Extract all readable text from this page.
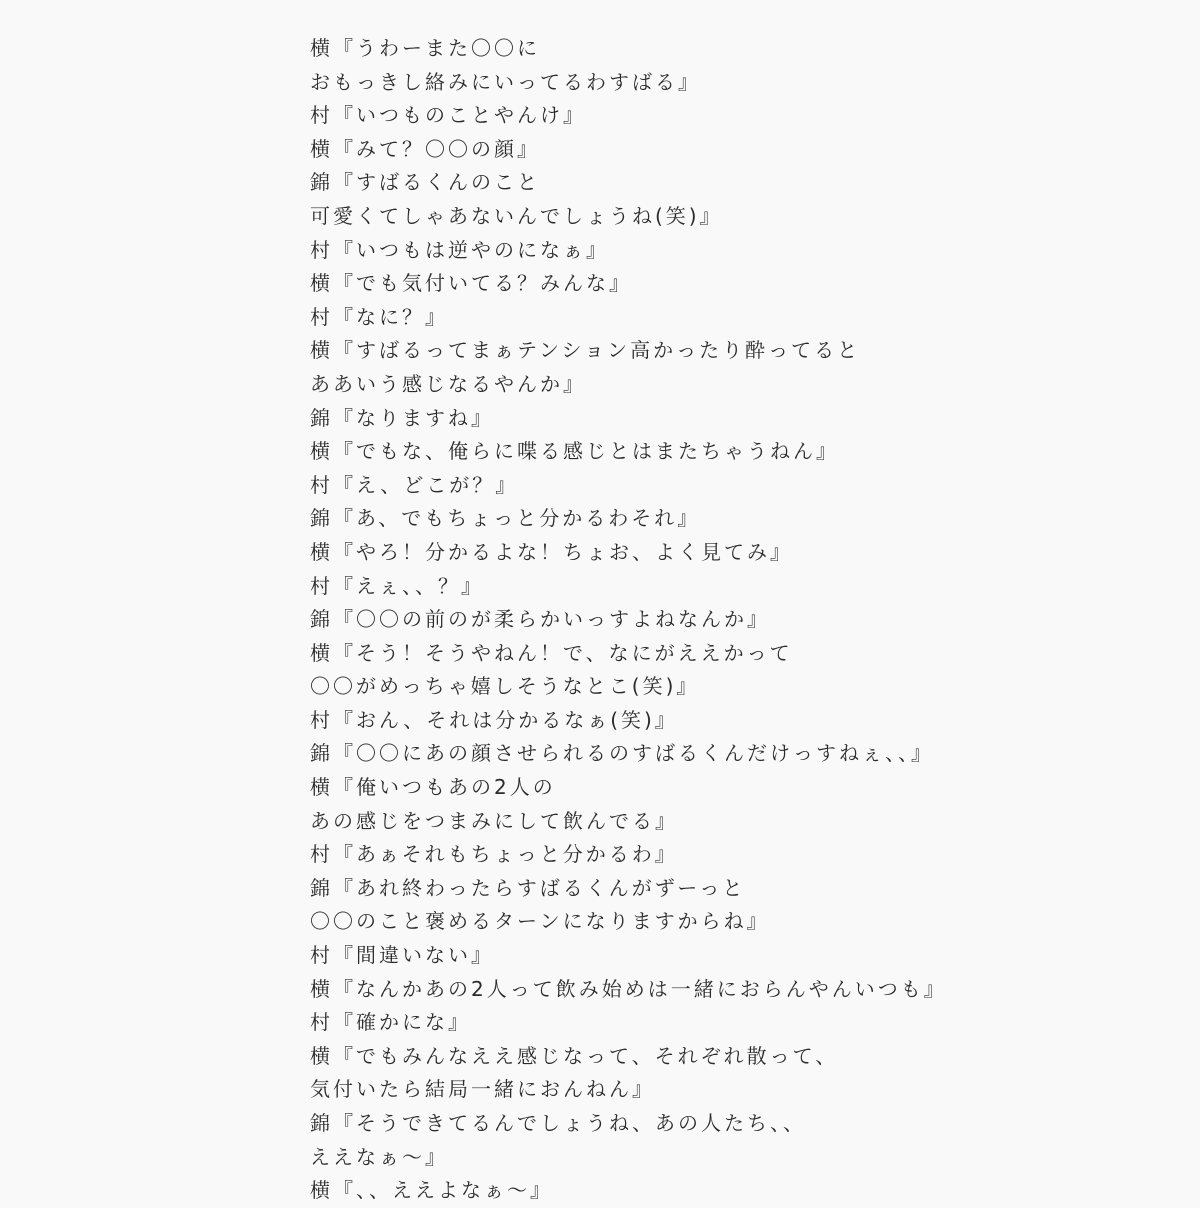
横『うわーまた〇〇に
おもっきし絡みにいってるわすばる』
村『いつものことやんけ』
横『みて？〇〇の顔』
錦『すばるくんのこと
可愛くてしゃあないんでしょうね(笑)』
村『いつもは逆やのになぁ』
横『でも気付いてる？みんな』
村『なに？』
横『すばるってまぁテンション高かったり酔ってると
ああいう感じなるやんか』
錦『なりますね』
横『でもな、俺らに喋る感じとはまたちゃうねん』
村『え、どこが？』
錦『あ、でもちょっと分かるわそれ』
横『やろ！分かるよな！ちょお、よく見てみ』
村『えぇ、、？』
錦『〇〇の前のが柔らかいっすよねなんか』
横『そう！そうやねん！で、なにがええかって
〇〇がめっちゃ嬉しそうなとこ(笑)』
村『おん、それは分かるなぁ(笑)』
錦『〇〇にあの顔させられるのすばるくんだけっすねぇ、、』
横『俺いつもあの2人の
あの感じをつまみにして飲んでる』
村『あぁそれもちょっと分かるわ』
錦『あれ終わったらすばるくんがずーっと
〇〇のこと褒めるターンになりますからね』
村『間違いない』
横『なんかあの2人って飲み始めは一緒におらんやんいつも』
村『確かにな』
横『でもみんなええ感じなって、それぞれ散って、
気付いたら結局一緒におんねん』
錦『そうできてるんでしょうね、あの人たち、、
ええなぁ〜』
横『、、ええよなぁ〜』
